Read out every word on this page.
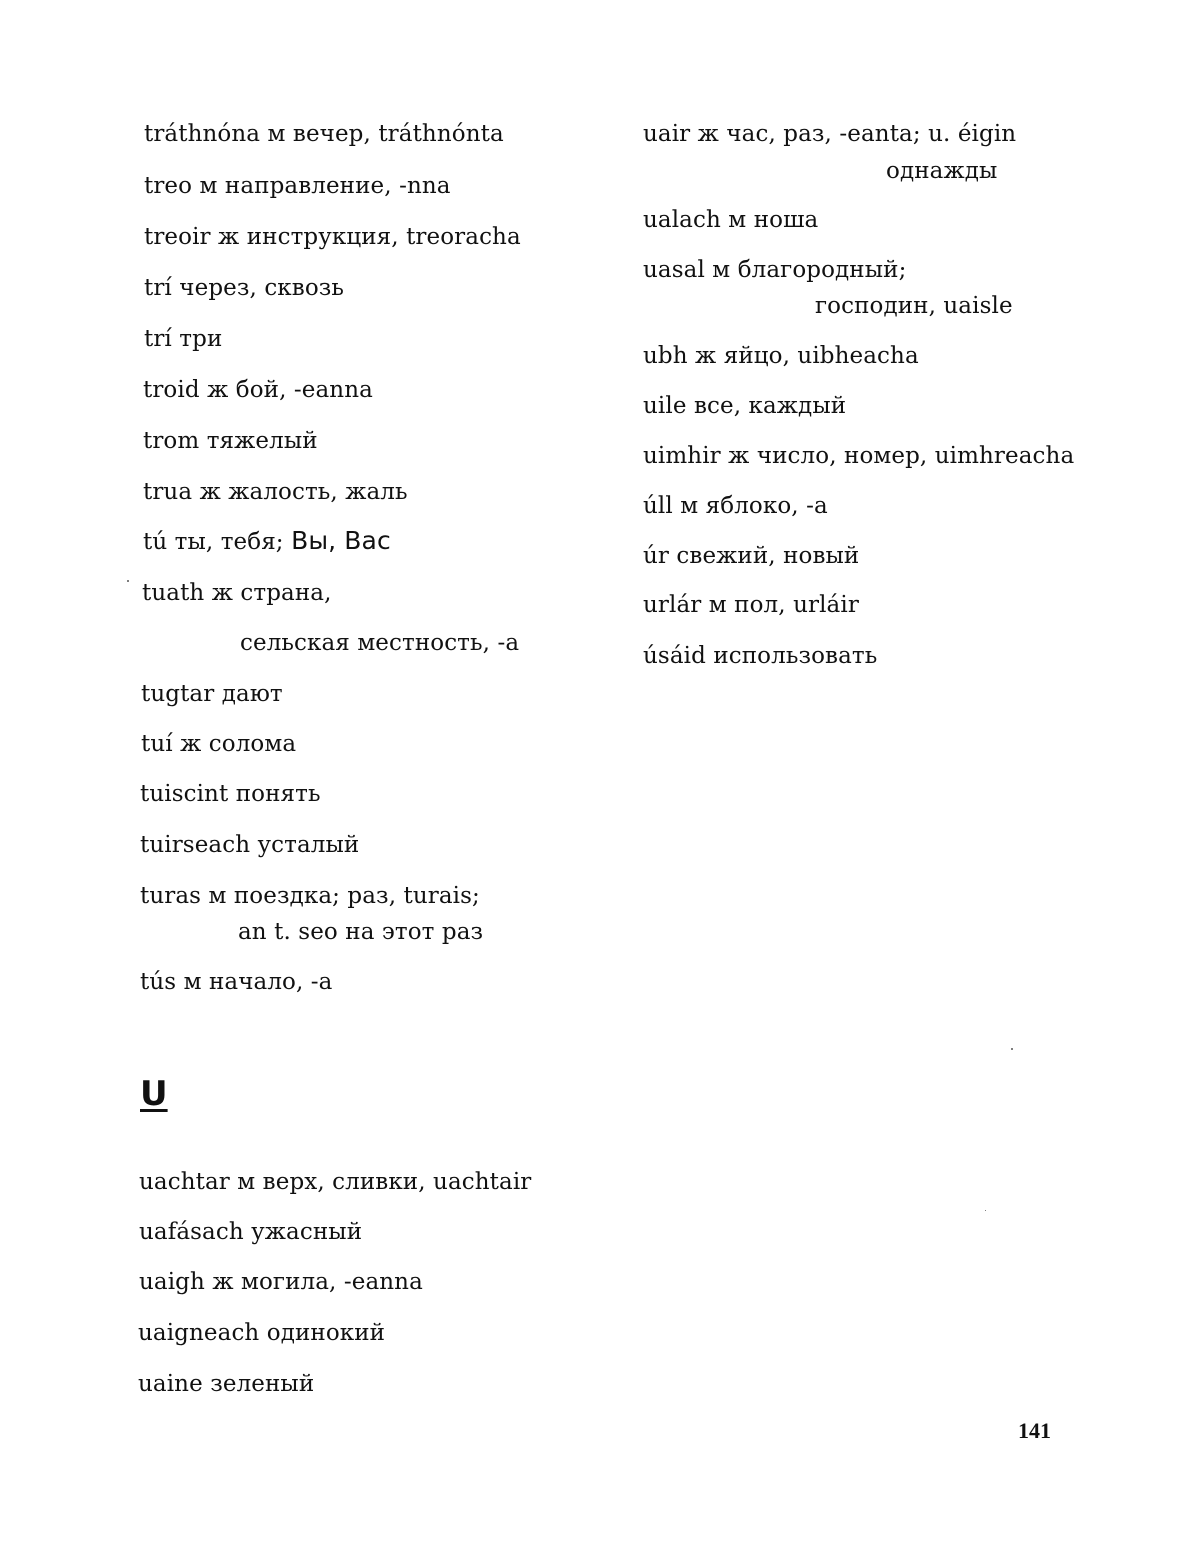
tráthnóna м вечер, tráthnónta
treo м направление, -nna
treoir ж инструкция, treoracha
trí через, сквозь
trí три
troid ж бой, -eanna
trom тяжелый
trua ж жалость, жаль
tú ты, тебя; Вы, Вас
tuath ж страна,
сельская местность, -a
tugtar дают
tuí ж солома
tuiscint понять
tuirseach усталый
turas м поездка; раз, turais;
an t. seo на этот раз
tús м начало, -a
U
uachtar м верх, сливки, uachtair
uafásach ужасный
uaigh ж могила, -eanna
uaigneach одинокий
uaine зеленый
uair ж час, раз, -eanta; u. éigin
однажды
ualach м ноша
uasal м благородный;
господин, uaisle
ubh ж яйцо, uibheacha
uile все, каждый
uimhir ж число, номер, uimhreacha
úll м яблоко, -a
úr свежий, новый
urlár м пол, urláir
úsáid использовать
141
